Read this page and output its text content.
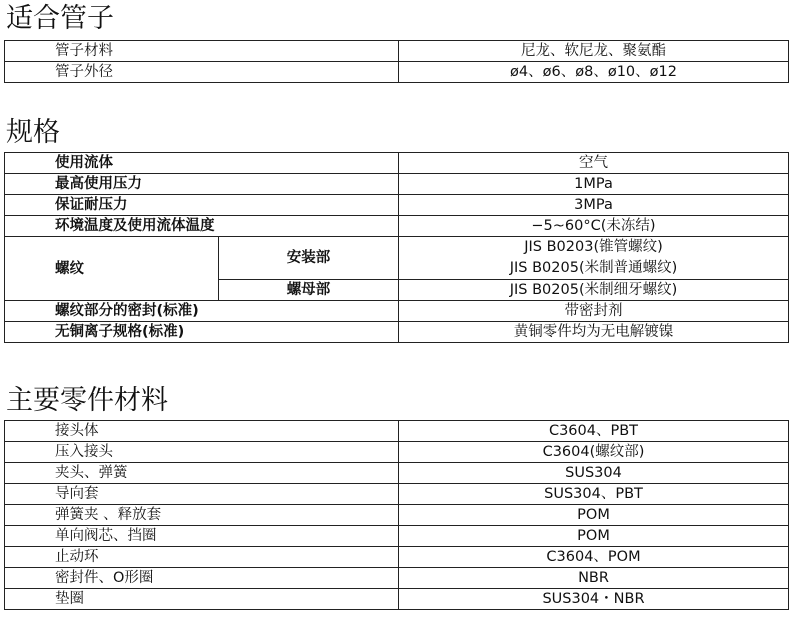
适合管子
管子材料	尼龙、软尼龙、聚氨酯
管子外径	ø4、ø6、ø8、ø10、ø12
规格
使用流体		空气
最高使用压力		1MPa
保证耐压力		3MPa
环境温度及使用流体温度		−5~60°C(未冻结)
螺纹	安装部	JIS B0203(锥管螺纹)
JIS B0205(米制普通螺纹)

	螺母部	JIS B0205(米制细牙螺纹)
螺纹部分的密封(标准)		带密封剂
无铜离子规格(标准)		黄铜零件均为无电解镀镍
主要零件材料
接头体	C3604、PBT
压入接头	C3604(螺纹部)
夹头、弹簧	SUS304
导向套	SUS304、PBT
弹簧夹 、释放套	POM
单向阀芯、挡圈	POM
止动环	C3604、POM
密封件、O形圈	NBR
垫圈	SUS304・NBR
